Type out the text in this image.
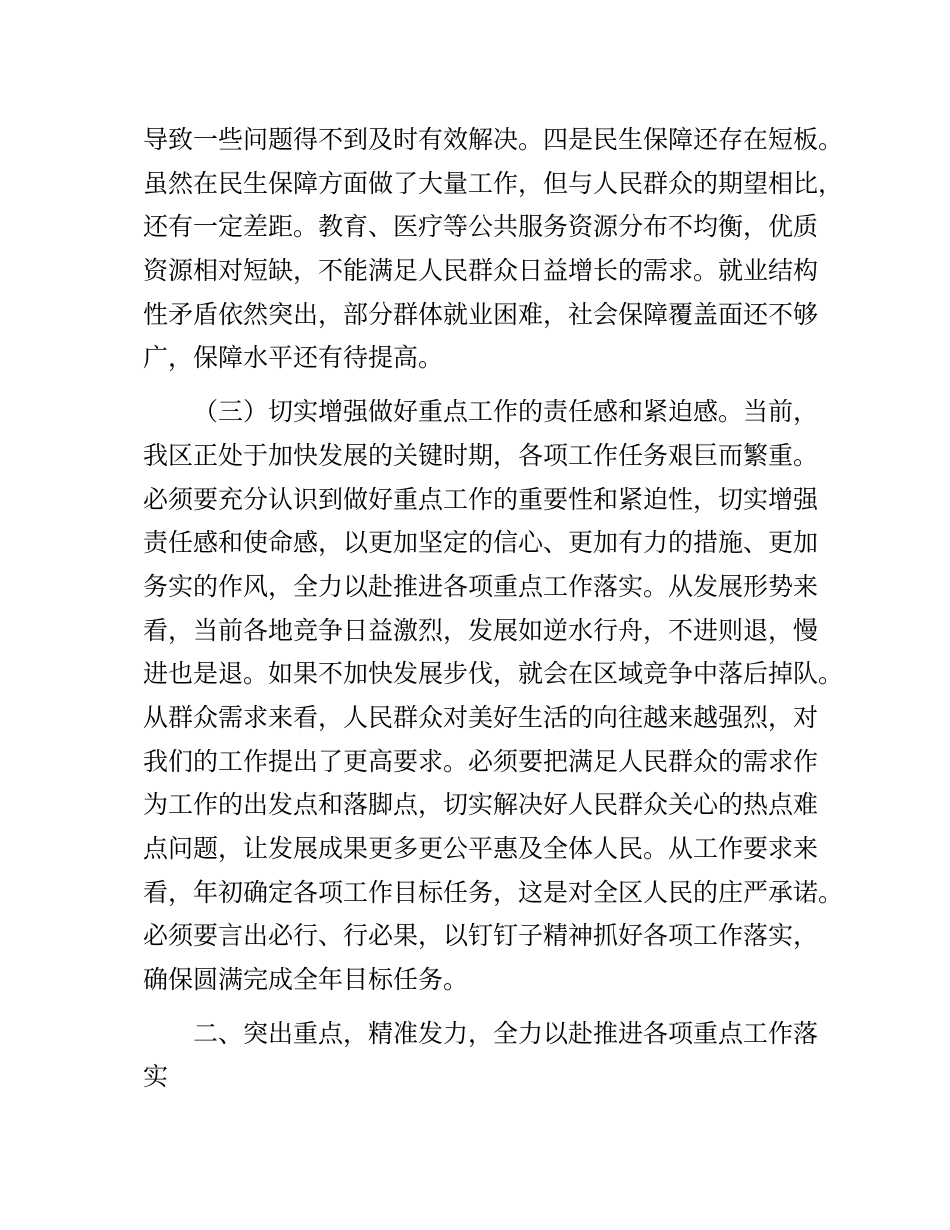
导致一些问题得不到及时有效解决。四是民生保障还存在短板。
虽然在民生保障方面做了大量工作，但与人民群众的期望相比，
还有一定差距。教育、医疗等公共服务资源分布不均衡，优质
资源相对短缺，不能满足人民群众日益增长的需求。就业结构
性矛盾依然突出，部分群体就业困难，社会保障覆盖面还不够
广，保障水平还有待提高。
（三）切实增强做好重点工作的责任感和紧迫感。当前，
我区正处于加快发展的关键时期，各项工作任务艰巨而繁重。
必须要充分认识到做好重点工作的重要性和紧迫性，切实增强
责任感和使命感，以更加坚定的信心、更加有力的措施、更加
务实的作风，全力以赴推进各项重点工作落实。从发展形势来
看，当前各地竞争日益激烈，发展如逆水行舟，不进则退，慢
进也是退。如果不加快发展步伐，就会在区域竞争中落后掉队。
从群众需求来看，人民群众对美好生活的向往越来越强烈，对
我们的工作提出了更高要求。必须要把满足人民群众的需求作
为工作的出发点和落脚点，切实解决好人民群众关心的热点难
点问题，让发展成果更多更公平惠及全体人民。从工作要求来
看，年初确定各项工作目标任务，这是对全区人民的庄严承诺。
必须要言出必行、行必果，以钉钉子精神抓好各项工作落实，
确保圆满完成全年目标任务。
二、突出重点，精准发力，全力以赴推进各项重点工作落
实
